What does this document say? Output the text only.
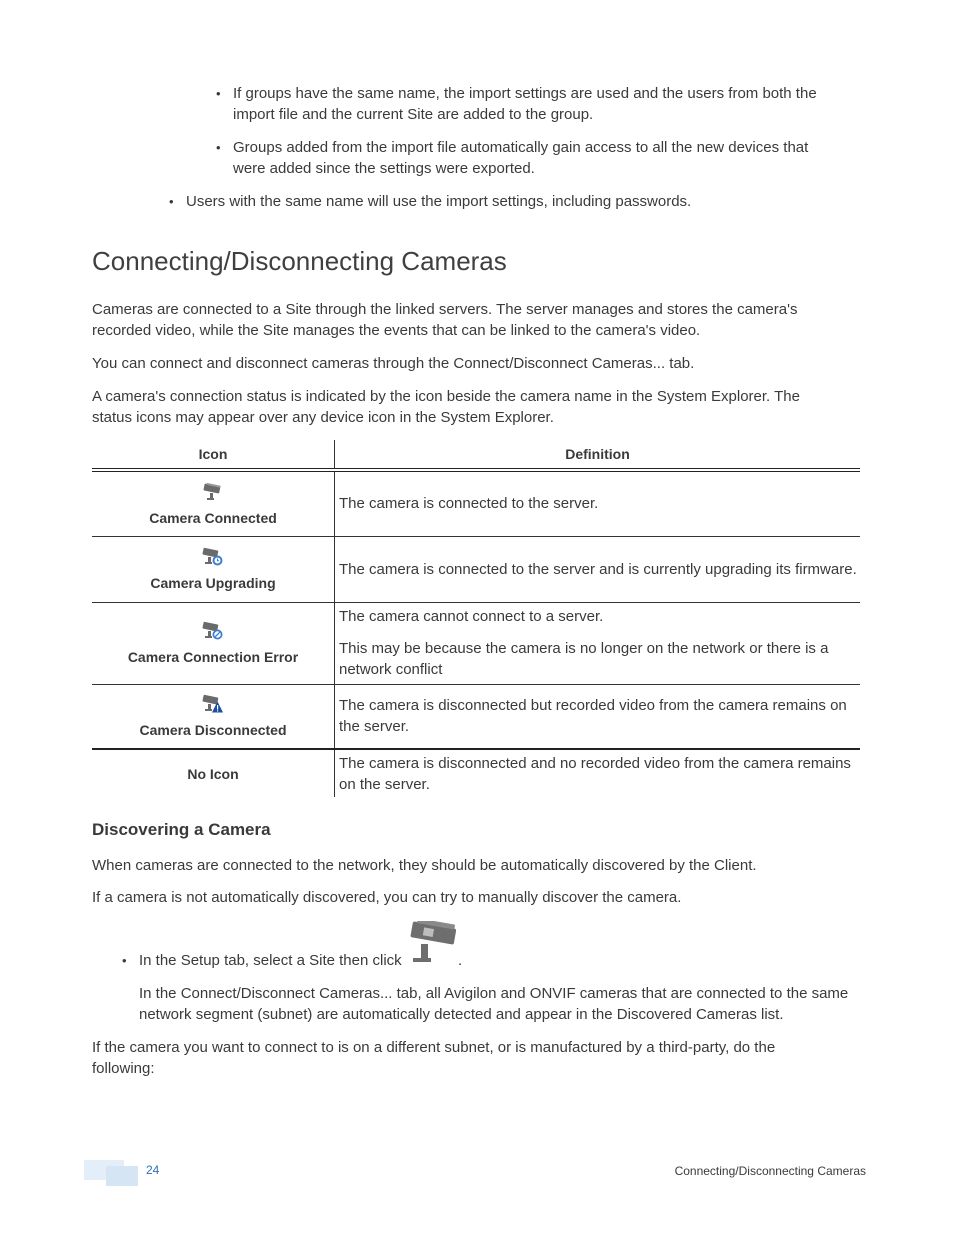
• If groups have the same name, the import settings are used and the users from both the import file and the current Site are added to the group.
• Groups added from the import file automatically gain access to all the new devices that were added since the settings were exported.
• Users with the same name will use the import settings, including passwords.
Connecting/Disconnecting Cameras

Cameras are connected to a Site through the linked servers. The server manages and stores the camera's recorded video, while the Site manages the events that can be linked to the camera's video.

You can connect and disconnect cameras through the Connect/Disconnect Cameras... tab.

A camera's connection status is indicated by the icon beside the camera name in the System Explorer. The status icons may appear over any device icon in the System Explorer.

Icon	Definition

Camera Connected	The camera is connected to the server.

Camera Upgrading	The camera is connected to the server and is currently upgrading its firmware.

Camera Connection Error	The camera cannot connect to a server.
This may be because the camera is no longer on the network or there is a network conflict

Camera Disconnected	The camera is disconnected but recorded video from the camera remains on the server.
No Icon	The camera is disconnected and no recorded video from the camera remains on the server.
Discovering a Camera

When cameras are connected to the network, they should be automatically discovered by the Client.

If a camera is not automatically discovered, you can try to manually discover the camera.

• In the Setup tab, select a Site then click	.

In the Connect/Disconnect Cameras... tab, all Avigilon and ONVIF cameras that are connected to the same network segment (subnet) are automatically detected and appear in the Discovered Cameras list.

If the camera you want to connect to is on a different subnet, or is manufactured by a third-party, do the following:

24	Connecting/Disconnecting Cameras
